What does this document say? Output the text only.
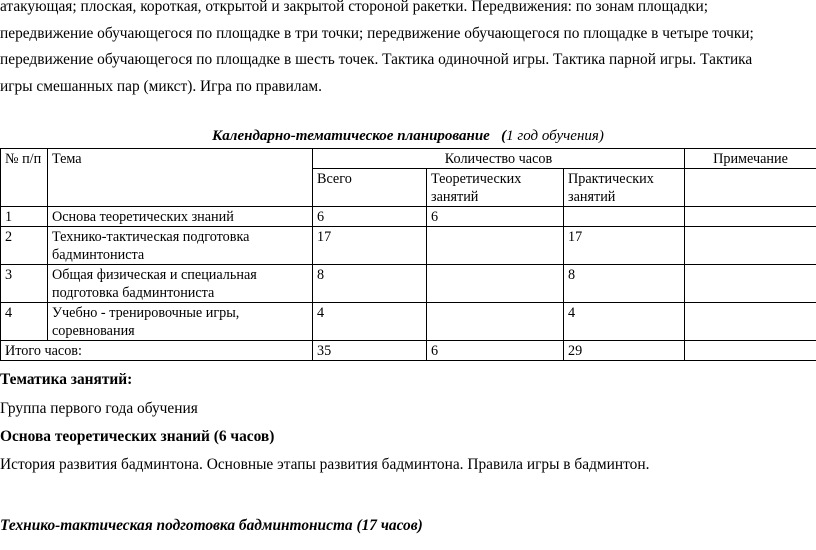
атакующая; плоская, короткая, открытой и закрытой стороной ракетки. Передвижения: по зонам площадки;

передвижение обучающегося по площадке в три точки; передвижение обучающегося по площадке в четыре точки;

передвижение обучающегося по площадке в шесть точек. Тактика одиночной игры. Тактика парной игры. Тактика

игры смешанных пар (микст). Игра по правилам.

Календарно-тематическое планирование (1 год обучения)
№ п/п	Тема	Количество часов			Примечание
		Всего	Теоретических занятий	Практических занятий	
1	Основа теоретических знаний	6	6		
2	Технико-тактическая подготовка бадминтониста	17		17	
3	Общая физическая и специальная подготовка бадминтониста	8		8	
4	Учебно - тренировочные игры, соревнования	4		4	
Итого часов:		35	6	29	
Тематика занятий:
Группа первого года обучения
Основа теоретических знаний (6 часов)
История развития бадминтона. Основные этапы развития бадминтона. Правила игры в бадминтон.
Технико-тактическая подготовка бадминтониста (17 часов)
